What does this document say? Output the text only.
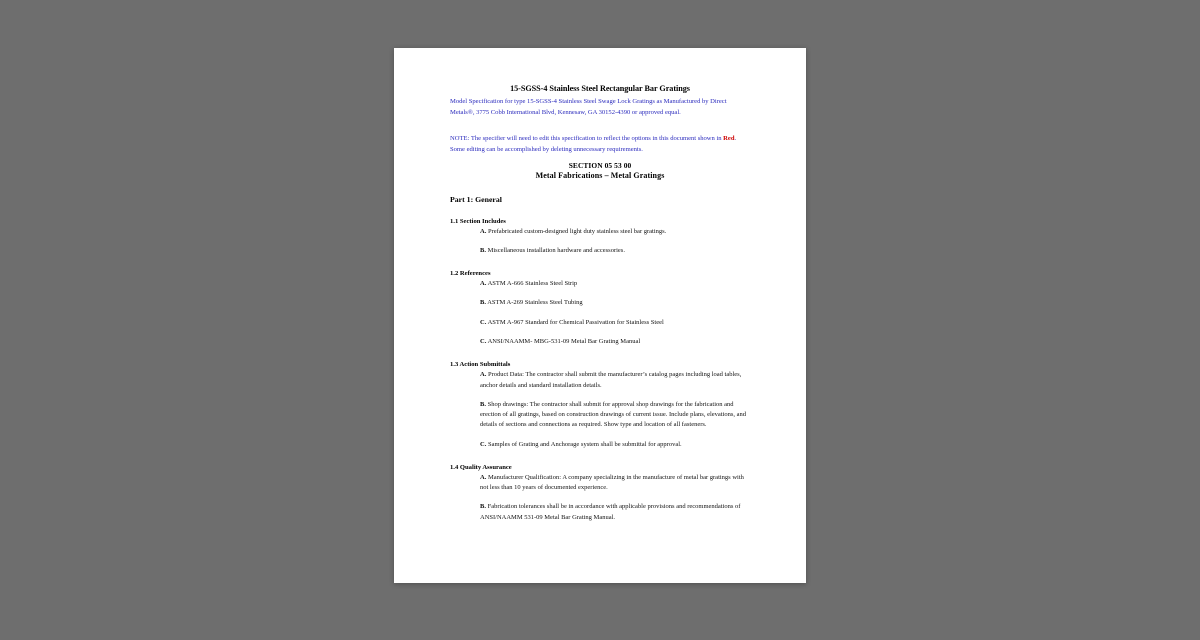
15-SGSS-4 Stainless Steel Rectangular Bar Gratings

Model Specification for type 15-SGSS-4 Stainless Steel Swage Lock Gratings as Manufactured by Direct Metals®, 3775 Cobb International Blvd, Kennesaw, GA 30152-4390 or approved equal.

NOTE: The specifier will need to edit this specification to reflect the options in this document shown in Red. Some editing can be accomplished by deleting unnecessary requirements.

SECTION 05 53 00
Metal Fabrications – Metal Gratings
Part 1: General
1.1 Section Includes

A. Prefabricated custom-designed light duty stainless steel bar gratings.

B. Miscellaneous installation hardware and accessories.

1.2 References

A. ASTM A-666 Stainless Steel Strip

B. ASTM A-269 Stainless Steel Tubing

C. ASTM A-967 Standard for Chemical Passivation for Stainless Steel

C. ANSI/NAAMM- MBG-531-09 Metal Bar Grating Manual

1.3 Action Submittals

A. Product Data: The contractor shall submit the manufacturer’s catalog pages including load tables, anchor details and standard installation details.

B. Shop drawings: The contractor shall submit for approval shop drawings for the fabrication and erection of all gratings, based on construction drawings of current issue. Include plans, elevations, and details of sections and connections as required. Show type and location of all fasteners.

C. Samples of Grating and Anchorage system shall be submittal for approval.

1.4 Quality Assurance

A. Manufacturer Qualification: A company specializing in the manufacture of metal bar gratings with not less than 10 years of documented experience.

B. Fabrication tolerances shall be in accordance with applicable provisions and recommendations of ANSI/NAAMM 531-09 Metal Bar Grating Manual.
